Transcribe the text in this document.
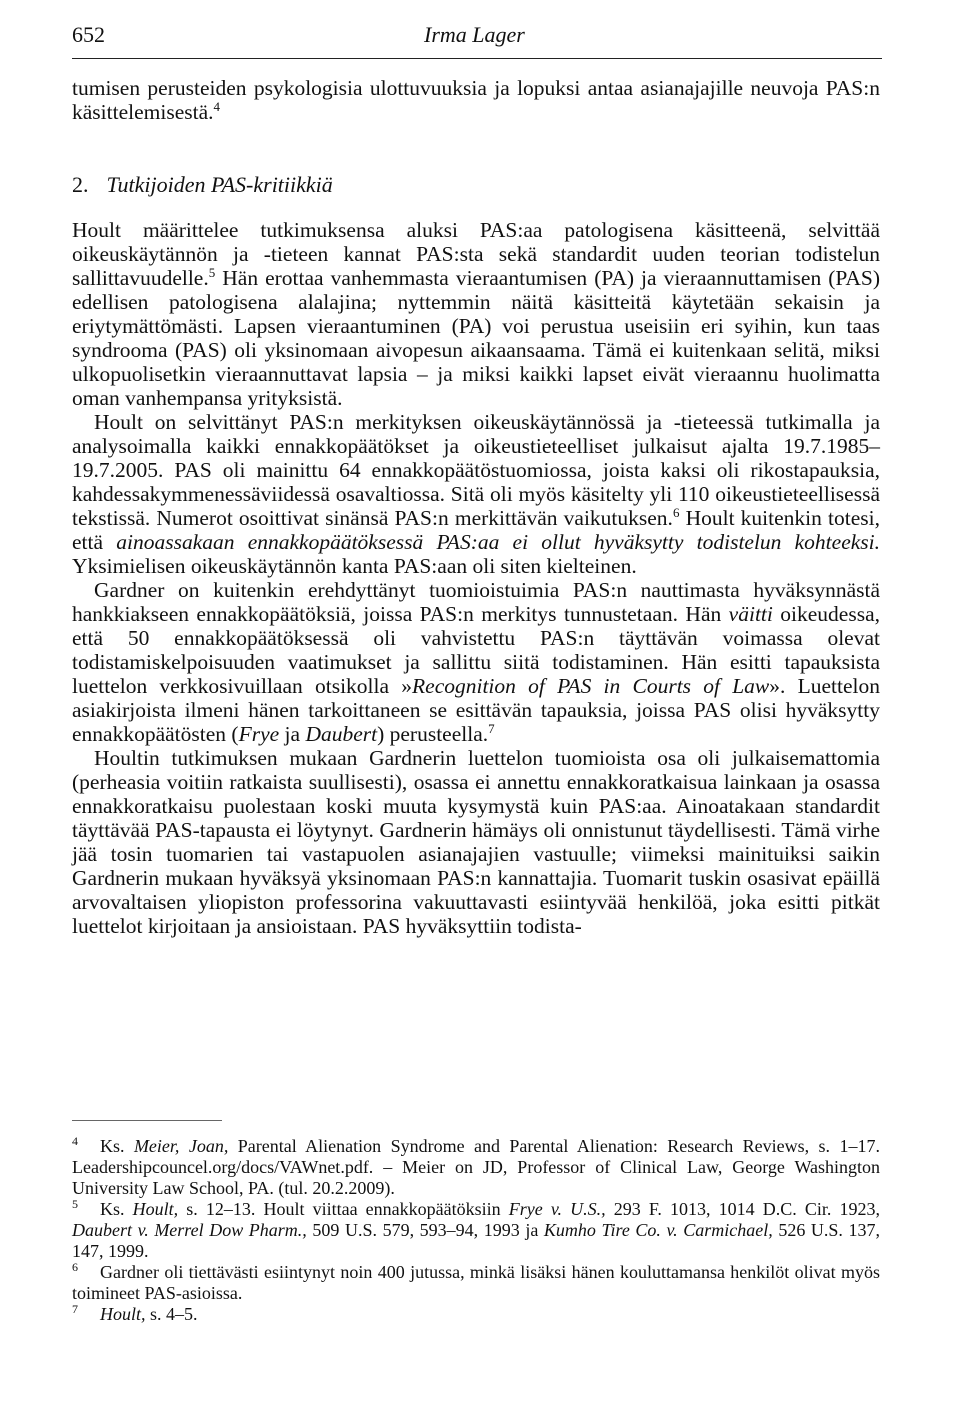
652	Irma Lager

tumisen perusteiden psykologisia ulottuvuuksia ja lopuksi antaa asianajajille neuvoja PAS:n käsittelemisestä.$^4$

2. Tutkijoiden PAS-kritiikkiä

Hoult määrittelee tutkimuksensa aluksi PAS:aa patologisena käsitteenä, selvittää oikeuskäytännön ja -tieteen kannat PAS:sta sekä standardit uuden teorian todistelun sallittavuudelle.$^5$ Hän erottaa vanhemmasta vieraantumisen (PA) ja vieraannuttamisen (PAS) edellisen patologisena alalajina; nyttemmin näitä käsitteitä käytetään sekaisin ja eriytymättömästi. Lapsen vieraantuminen (PA) voi perustua useisiin eri syihin, kun taas syndrooma (PAS) oli yksinomaan aivopesun aikaansaama. Tämä ei kuitenkaan selitä, miksi ulkopuolisetkin vieraannuttavat lapsia – ja miksi kaikki lapset eivät vieraannu huolimatta oman vanhempansa yrityksistä.

Hoult on selvittänyt PAS:n merkityksen oikeuskäytännössä ja -tieteessä tutkimalla ja analysoimalla kaikki ennakkopäätökset ja oikeustieteelliset julkaisut ajalta 19.7.1985–19.7.2005. PAS oli mainittu 64 ennakkopäätöstuomiossa, joista kaksi oli rikostapauksia, kahdessakymmenessäviidessä osavaltiossa. Sitä oli myös käsitelty yli 110 oikeustieteellisessä tekstissä. Numerot osoittivat sinänsä PAS:n merkittävän vaikutuksen.$^6$ Hoult kuitenkin totesi, että ainoassakaan ennakkopäätöksessä PAS:aa ei ollut hyväksytty todistelun kohteeksi. Yksimielisen oikeuskäytännön kanta PAS:aan oli siten kielteinen.

Gardner on kuitenkin erehdyttänyt tuomioistuimia PAS:n nauttimasta hyväksynnästä hankkiakseen ennakkopäätöksiä, joissa PAS:n merkitys tunnustetaan. Hän väitti oikeudessa, että 50 ennakkopäätöksessä oli vahvistettu PAS:n täyttävän voimassa olevat todistamiskelpoisuuden vaatimukset ja sallittu siitä todistaminen. Hän esitti tapauksista luettelon verkkosivuillaan otsikolla »Recognition of PAS in Courts of Law». Luettelon asiakirjoista ilmeni hänen tarkoittaneen se esittävän tapauksia, joissa PAS olisi hyväksytty ennakkopäätösten (Frye ja Daubert) perusteella.$^7$

Houltin tutkimuksen mukaan Gardnerin luettelon tuomioista osa oli julkaisemattomia (perheasia voitiin ratkaista suullisesti), osassa ei annettu ennakkoratkaisua lainkaan ja osassa ennakkoratkaisu puolestaan koski muuta kysymystä kuin PAS:aa. Ainoatakaan standardit täyttävää PAS-tapausta ei löytynyt. Gardnerin hämäys oli onnistunut täydellisesti. Tämä virhe jää tosin tuomarien tai vastapuolen asianajajien vastuulle; viimeksi mainituiksi saikin Gardnerin mukaan hyväksyä yksinomaan PAS:n kannattajia. Tuomarit tuskin osasivat epäillä arvovaltaisen yliopiston professorina vakuuttavasti esiintyvää henkilöä, joka esitti pitkät luettelot kirjoitaan ja ansioistaan. PAS hyväksyttiin todista-

4 Ks. Meier, Joan, Parental Alienation Syndrome and Parental Alienation: Research Reviews, s. 1–17. Leadershipcouncel.org/docs/VAWnet.pdf. – Meier on JD, Professor of Clinical Law, George Washington University Law School, PA. (tul. 20.2.2009).

5 Ks. Hoult, s. 12–13. Hoult viittaa ennakkopäätöksiin Frye v. U.S., 293 F. 1013, 1014 D.C. Cir. 1923, Daubert v. Merrel Dow Pharm., 509 U.S. 579, 593–94, 1993 ja Kumho Tire Co. v. Carmichael, 526 U.S. 137, 147, 1999.

6 Gardner oli tiettävästi esiintynyt noin 400 jutussa, minkä lisäksi hänen kouluttamansa henkilöt olivat myös toimineet PAS-asioissa.

7 Hoult, s. 4–5.
